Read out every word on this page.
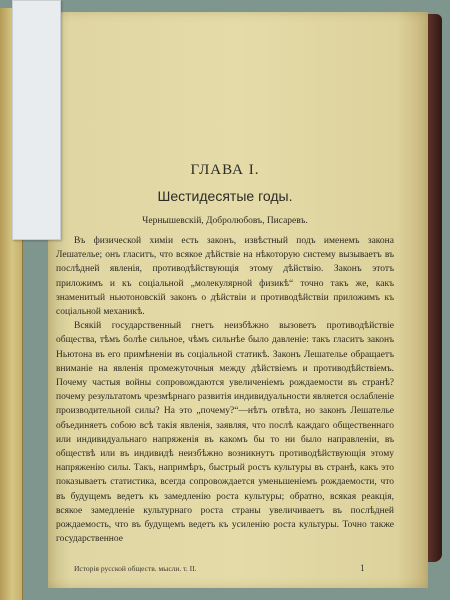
ГЛАВА I.

Шестидесятые годы.

Чернышевскій, Добролюбовъ, Писаревъ.

Въ физической химіи есть законъ, извѣстный подъ именемъ закона Лешателье; онъ гласитъ, что всякое дѣйствіе на нѣкоторую систему вызываетъ въ послѣдней явленія, противодѣйствующія этому дѣйствію. Законъ этотъ приложимъ и къ соціальной „молекулярной физикѣ“ точно такъ же, какъ знаменитый ньютоновскій законъ о дѣйствіи и противодѣйствіи приложимъ къ соціальной механикѣ.

Всякій государственный гнетъ неизбѣжно вызоветъ противодѣйствіе общества, тѣмъ болѣе сильное, чѣмъ сильнѣе было давленіе: такъ гласитъ законъ Ньютона въ его примѣненіи въ соціальной статикѣ. Законъ Лешателье обращаетъ вниманіе на явленія промежуточныя между дѣйствіемъ и противодѣйствіемъ. Почему частыя войны сопровождаются увеличеніемъ рождаемости въ странѣ? почему результатомъ чрезмѣрнаго развитія индивидуальности является ослабленіе производительной силы? На это „почему?“—нѣтъ отвѣта, но законъ Лешателье объединяетъ собою всѣ такія явленія, заявляя, что послѣ каждаго общественнаго или индивидуальнаго напряженія въ какомъ бы то ни было направленіи, въ обществѣ или въ индивидѣ неизбѣжно возникнутъ противодѣйствующія этому напряженію силы. Такъ, напримѣръ, быстрый ростъ культуры въ странѣ, какъ это показываетъ статистика, всегда сопровождается уменьшеніемъ рождаемости, что въ будущемъ ведетъ къ замедленію роста культуры; обратно, всякая реакція, всякое замедленіе культурнаго роста страны увеличиваетъ въ послѣдней рождаемость, что въ будущемъ ведетъ къ усиленію роста культуры. Точно также государственное

Исторія русской обществ. мысли. т. II.	1
